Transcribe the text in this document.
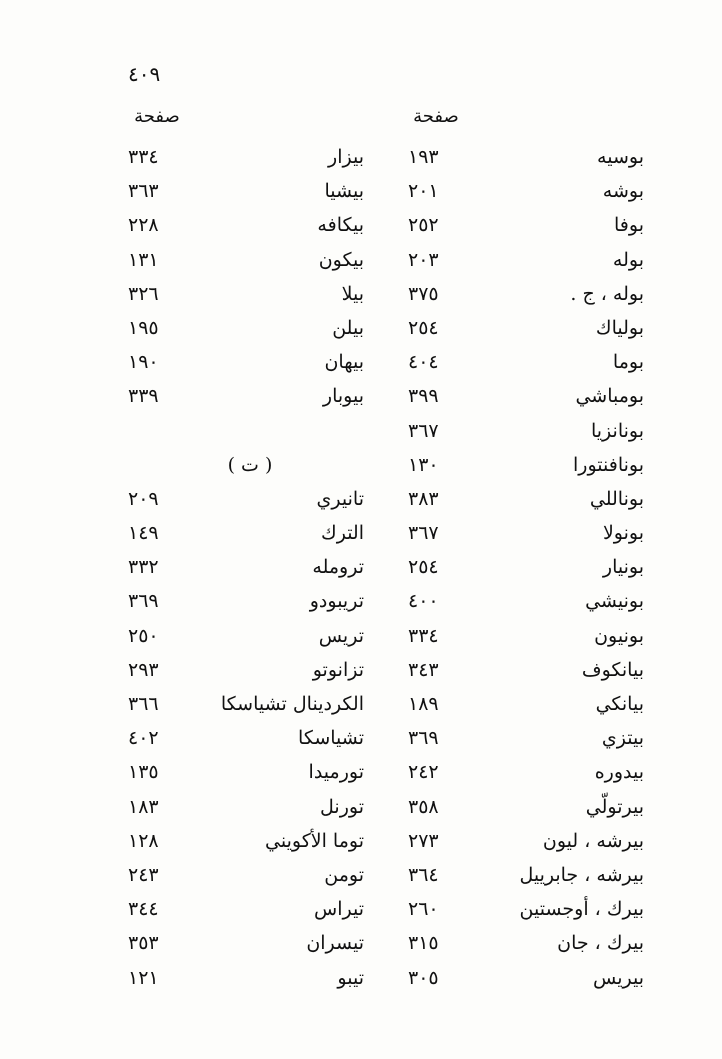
٤٠٩
صفحة
صفحة
بوسيه
١٩٣
بيزار
٣٣٤
بوشه
٢٠١
بيشيا
٣٦٣
بوفا
٢٥٢
بيكافه
٢٢٨
بوله
٢٠٣
بيكون
١٣١
بوله ، ج .
٣٧٥
بيلا
٣٢٦
بولياك
٢٥٤
بيلن
١٩٥
بوما
٤٠٤
بيهان
١٩٠
بومباشي
٣٩٩
بيوبار
٣٣٩
بونانزيا
٣٦٧
بونافنتورا
١٣٠
( ت )
بوناللي
٣٨٣
تانيري
٢٠٩
بونولا
٣٦٧
الترك
١٤٩
بونيار
٢٥٤
ترومله
٣٣٢
بونيشي
٤٠٠
تريبودو
٣٦٩
بونيون
٣٣٤
تريس
٢٥٠
بيانكوف
٣٤٣
تزانوتو
٢٩٣
بيانكي
١٨٩
الكردينال تشياسكا
٣٦٦
بيتزي
٣٦٩
تشياسكا
٤٠٢
بيدوره
٢٤٢
تورميدا
١٣٥
بيرتولّي
٣٥٨
تورنل
١٨٣
بيرشه ، ليون
٢٧٣
توما الأكويني
١٢٨
بيرشه ، جابرييل
٣٦٤
تومن
٢٤٣
بيرك ، أوجستين
٢٦٠
تيراس
٣٤٤
بيرك ، جان
٣١٥
تيسران
٣٥٣
بيريس
٣٠٥
تيبو
١٢١
